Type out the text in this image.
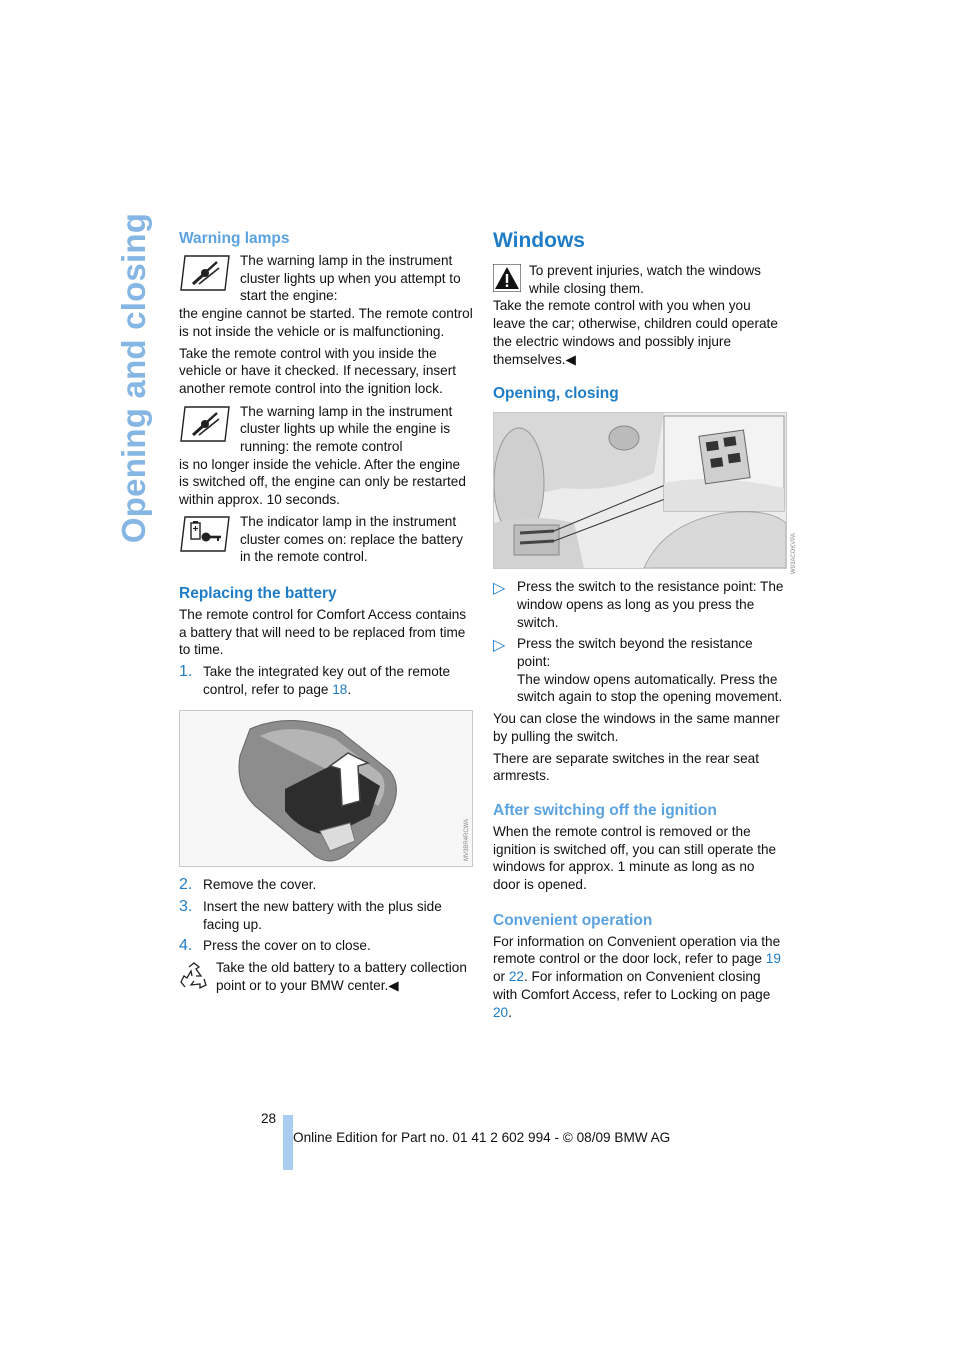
Opening and closing Warning lamps

The warning lamp in the instrument cluster lights up when you attempt to start the engine:

the engine cannot be started. The remote control is not inside the vehicle or is malfunctioning.

Take the remote control with you inside the vehicle or have it checked. If necessary, insert another remote control into the ignition lock.

The warning lamp in the instrument cluster lights up while the engine is running: the remote control

is no longer inside the vehicle. After the engine is switched off, the engine can only be restarted within approx. 10 seconds.

The indicator lamp in the instrument cluster comes on: replace the battery in the remote control.

Replacing the battery

The remote control for Comfort Access contains a battery that will need to be replaced from time to time.

1. Take the integrated key out of the remote control, refer to page 18.

MV3BR4RCWA
2. Remove the cover.

3. Insert the new battery with the plus side facing up.

4. Press the cover on to close.

Take the old battery to a battery collection point or to your BMW center.◀

Windows

To prevent injuries, watch the windows while closing them.

Take the remote control with you when you leave the car; otherwise, children could operate the electric windows and possibly injure themselves.◀

Opening, closing
W93ACOKVPA
▷ Press the switch to the resistance point: The window opens as long as you press the switch.

▷ Press the switch beyond the resistance point:

The window opens automatically. Press the switch again to stop the opening movement.

You can close the windows in the same manner by pulling the switch.

There are separate switches in the rear seat armrests.

After switching off the ignition

When the remote control is removed or the ignition is switched off, you can still operate the windows for approx. 1 minute as long as no door is opened.

Convenient operation

For information on Convenient operation via the remote control or the door lock, refer to page 19 or 22. For information on Convenient closing with Comfort Access, refer to Locking on page 20.

28
Online Edition for Part no. 01 41 2 602 994 - © 08/09 BMW AG
